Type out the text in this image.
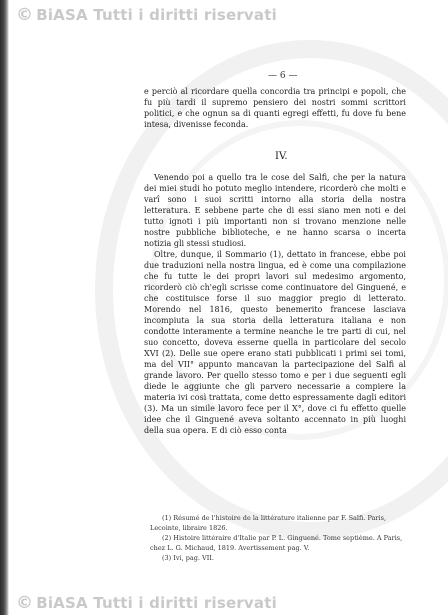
© BiASA Tutti i diritti riservati
— 6 —

e perciò al ricordare quella concordia tra principi e popoli, che fu più tardi il supremo pensiero dei nostri sommi scrittori politici, e che ognun sa di quanti egregi effetti, fu dove fu bene intesa, divenisse feconda.

IV.

Venendo poi a quello tra le cose del Salfi, che per la natura dei miei studi ho potuto meglio intendere, ricorderò che molti e varî sono i suoi scritti intorno alla storia della nostra letteratura. E sebbene parte che di essi siano men noti e dei tutto ignoti i più importanti non si trovano menzione nelle nostre pubbliche biblioteche, e ne hanno scarsa o incerta notizia gli stessi studiosi.

Oltre, dunque, il Sommario (1), dettato in francese, ebbe poi due traduzioni nella nostra lingua, ed è come una compilazione che fu tutte le dei propri lavori sul medesimo argomento, ricorderò ciò ch'egli scrisse come continuatore del Ginguené, e che costituisce forse il suo maggior pregio di letterato. Morendo nel 1816, questo benemerito francese lasciava incompiuta la sua storia della letteratura italiana e non condotte interamente a termine neanche le tre parti di cui, nel suo concetto, doveva esserne quella in particolare del secolo XVI (2). Delle sue opere erano stati pubblicati i primi sei tomi, ma del VII° appunto mancavan la partecipazione del Salfi al grande lavoro. Per quello stesso tomo e per i due seguenti egli diede le aggiunte che gli parvero necessarie a compiere la materia ivi così trattata, come detto espressamente dagli editori (3). Ma un simile lavoro fece per il X°, dove ci fu effetto quelle idee che il Ginguené aveva soltanto accennato in più luoghi della sua opera. E di ciò esso conta

(1) Résumé de l'histoire de la littérature italienne par F. Salfi. Paris, Lecointe, libraire 1826.

(2) Histoire littéraire d'Italie par P. L. Ginguené. Tome septième. A Paris, chez L. G. Michaud, 1819. Avertissement pag. V.

(3) Ivi, pag. VII.

© BiASA Tutti i diritti riservati
